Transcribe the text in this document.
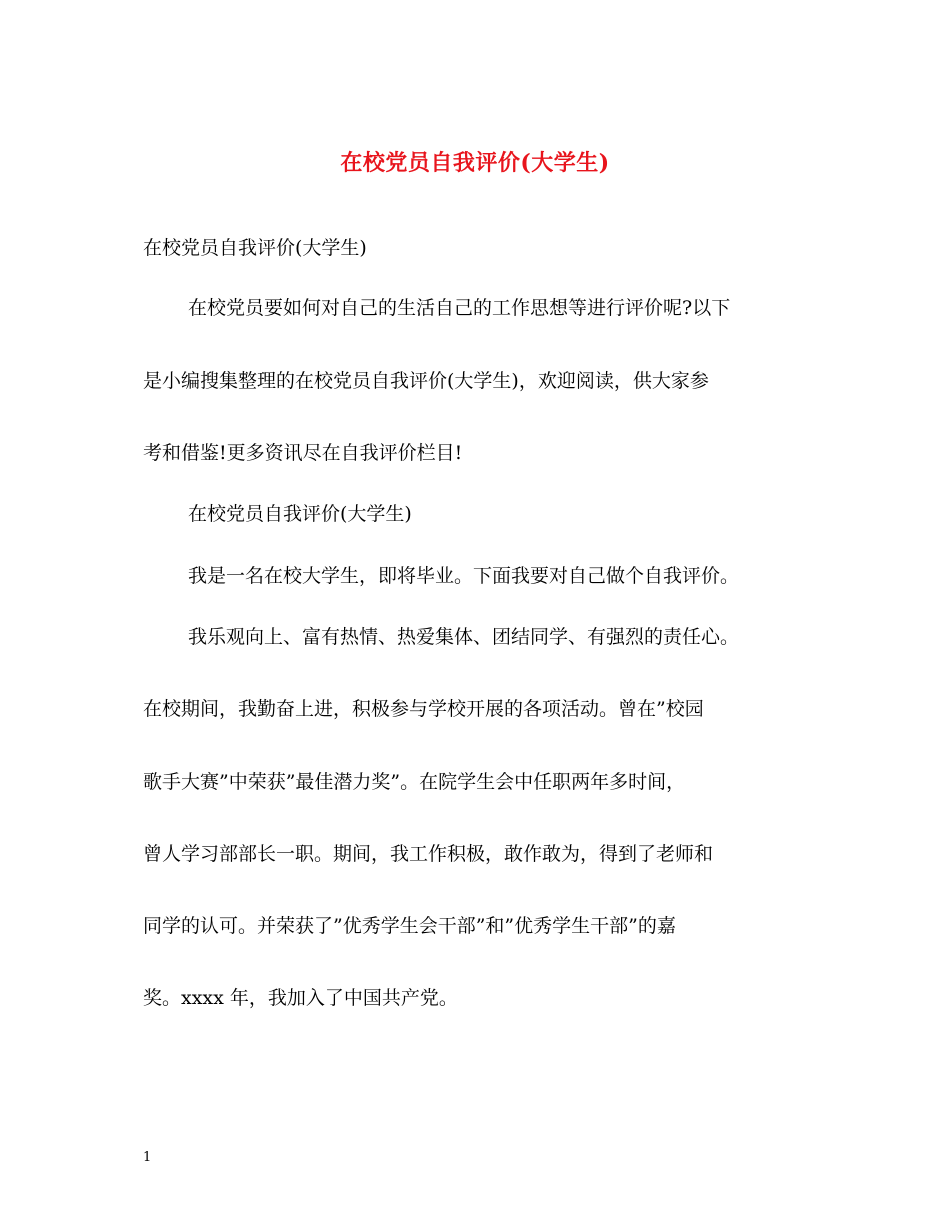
在校党员自我评价(大学生)
在校党员自我评价(大学生)
在校党员要如何对自己的生活自己的工作思想等进行评价呢?以下
是小编搜集整理的在校党员自我评价(大学生)，欢迎阅读，供大家参
考和借鉴!更多资讯尽在自我评价栏目!
在校党员自我评价(大学生)
我是一名在校大学生，即将毕业。下面我要对自己做个自我评价。
我乐观向上、富有热情、热爱集体、团结同学、有强烈的责任心。
在校期间，我勤奋上进，积极参与学校开展的各项活动。曾在”校园
歌手大赛”中荣获”最佳潜力奖”。在院学生会中任职两年多时间，
曾人学习部部长一职。期间，我工作积极，敢作敢为，得到了老师和
同学的认可。并荣获了”优秀学生会干部”和”优秀学生干部”的嘉
奖。xxxx 年，我加入了中国共产党。
1
